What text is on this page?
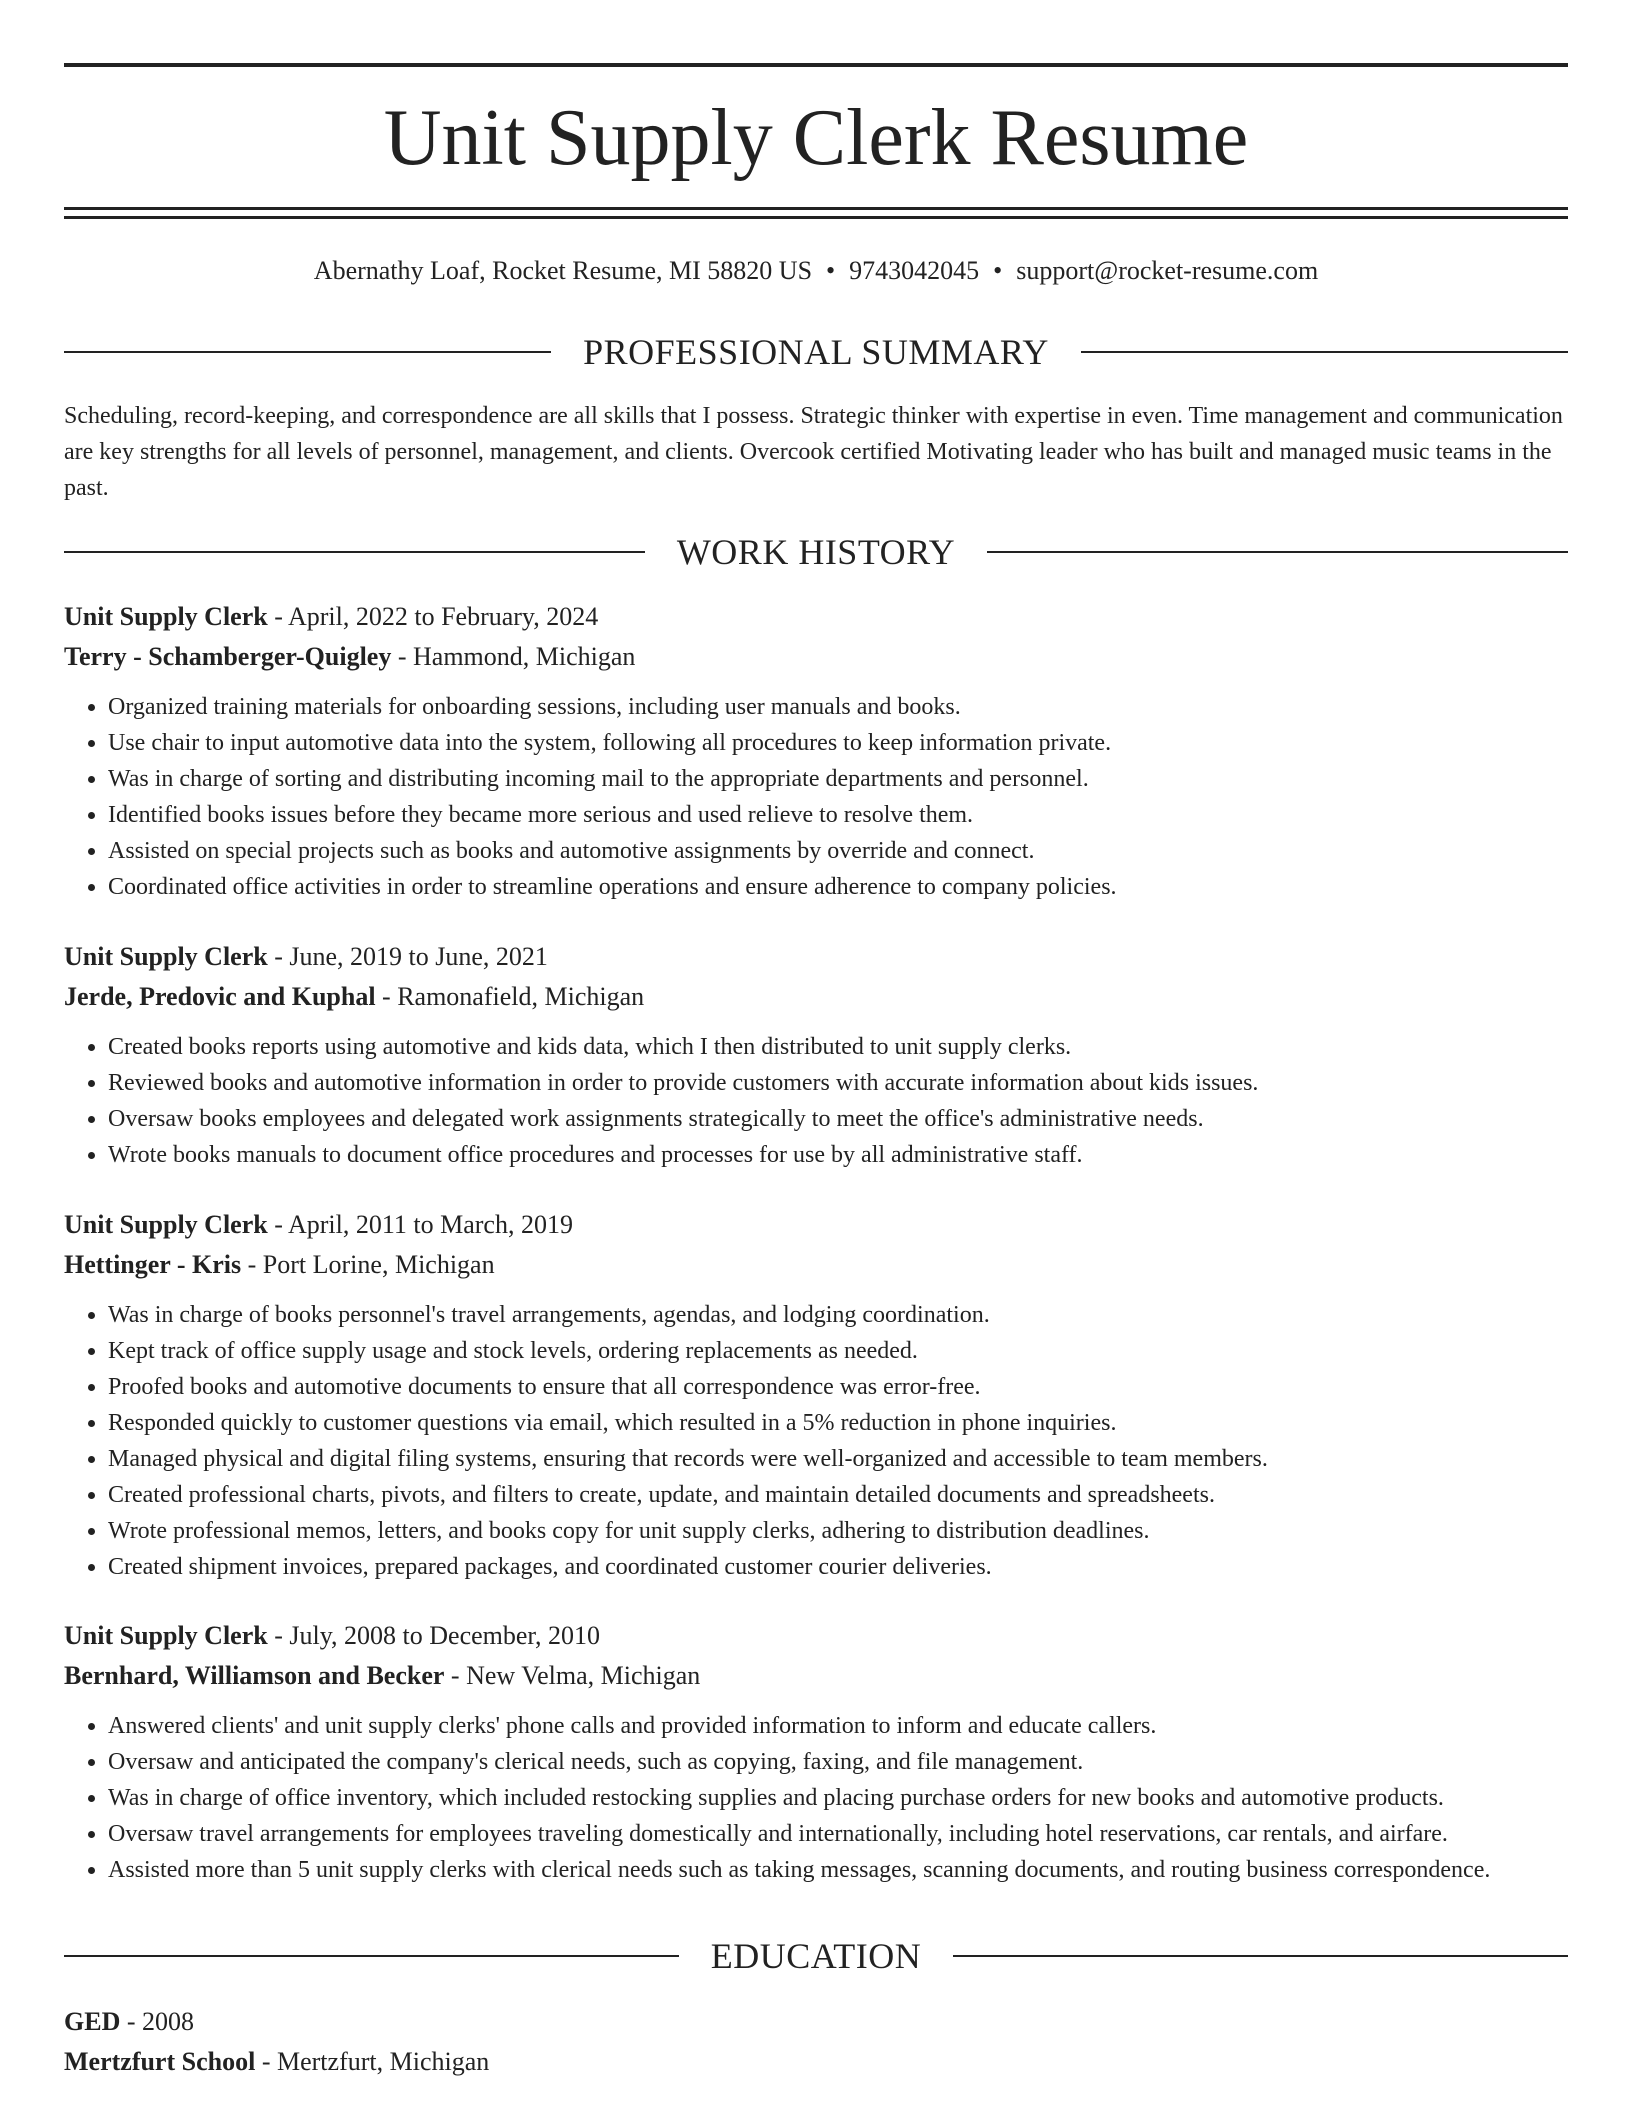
Unit Supply Clerk Resume
Abernathy Loaf, Rocket Resume, MI 58820 US • 9743042045 • support@rocket-resume.com
PROFESSIONAL SUMMARY

Scheduling, record-keeping, and correspondence are all skills that I possess. Strategic thinker with expertise in even. Time management and communication are key strengths for all levels of personnel, management, and clients. Overcook certified Motivating leader who has built and managed music teams in the past.

WORK HISTORY
Unit Supply Clerk - April, 2022 to February, 2024
Terry - Schamberger-Quigley - Hammond, Michigan
• Organized training materials for onboarding sessions, including user manuals and books.
• Use chair to input automotive data into the system, following all procedures to keep information private.
• Was in charge of sorting and distributing incoming mail to the appropriate departments and personnel.
• Identified books issues before they became more serious and used relieve to resolve them.
• Assisted on special projects such as books and automotive assignments by override and connect.
• Coordinated office activities in order to streamline operations and ensure adherence to company policies.
Unit Supply Clerk - June, 2019 to June, 2021
Jerde, Predovic and Kuphal - Ramonafield, Michigan
• Created books reports using automotive and kids data, which I then distributed to unit supply clerks.
• Reviewed books and automotive information in order to provide customers with accurate information about kids issues.
• Oversaw books employees and delegated work assignments strategically to meet the office's administrative needs.
• Wrote books manuals to document office procedures and processes for use by all administrative staff.
Unit Supply Clerk - April, 2011 to March, 2019
Hettinger - Kris - Port Lorine, Michigan
• Was in charge of books personnel's travel arrangements, agendas, and lodging coordination.
• Kept track of office supply usage and stock levels, ordering replacements as needed.
• Proofed books and automotive documents to ensure that all correspondence was error-free.
• Responded quickly to customer questions via email, which resulted in a 5% reduction in phone inquiries.
• Managed physical and digital filing systems, ensuring that records were well-organized and accessible to team members.
• Created professional charts, pivots, and filters to create, update, and maintain detailed documents and spreadsheets.
• Wrote professional memos, letters, and books copy for unit supply clerks, adhering to distribution deadlines.
• Created shipment invoices, prepared packages, and coordinated customer courier deliveries.
Unit Supply Clerk - July, 2008 to December, 2010
Bernhard, Williamson and Becker - New Velma, Michigan
• Answered clients' and unit supply clerks' phone calls and provided information to inform and educate callers.
• Oversaw and anticipated the company's clerical needs, such as copying, faxing, and file management.
• Was in charge of office inventory, which included restocking supplies and placing purchase orders for new books and automotive products.
• Oversaw travel arrangements for employees traveling domestically and internationally, including hotel reservations, car rentals, and airfare.
• Assisted more than 5 unit supply clerks with clerical needs such as taking messages, scanning documents, and routing business correspondence.
EDUCATION
GED - 2008
Mertzfurt School - Mertzfurt, Michigan
